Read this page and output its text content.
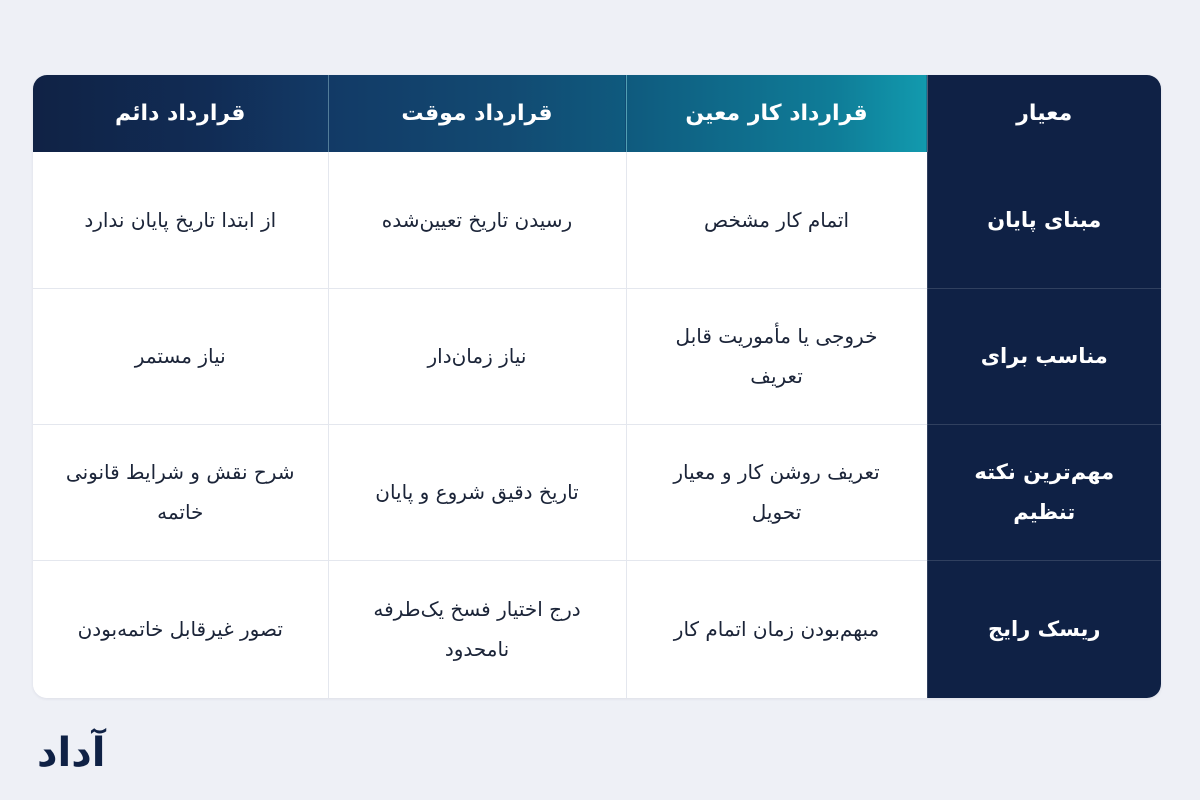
معیار	قرارداد کار معین	قرارداد موقت	قرارداد دائم
مبنای پایان	اتمام کار مشخص	رسیدن تاریخ تعیین‌شده	از ابتدا تاریخ پایان ندارد
مناسب برای	خروجی یا مأموریت قابل تعریف	نیاز زمان‌دار	نیاز مستمر
مهم‌ترین نکته تنظیم	تعریف روشن کار و معیار تحویل	تاریخ دقیق شروع و پایان	شرح نقش و شرایط قانونی خاتمه
ریسک رایج	مبهم‌بودن زمان اتمام کار	درج اختیار فسخ یک‌طرفه نامحدود	تصور غیرقابل خاتمه‌بودن
آداد
